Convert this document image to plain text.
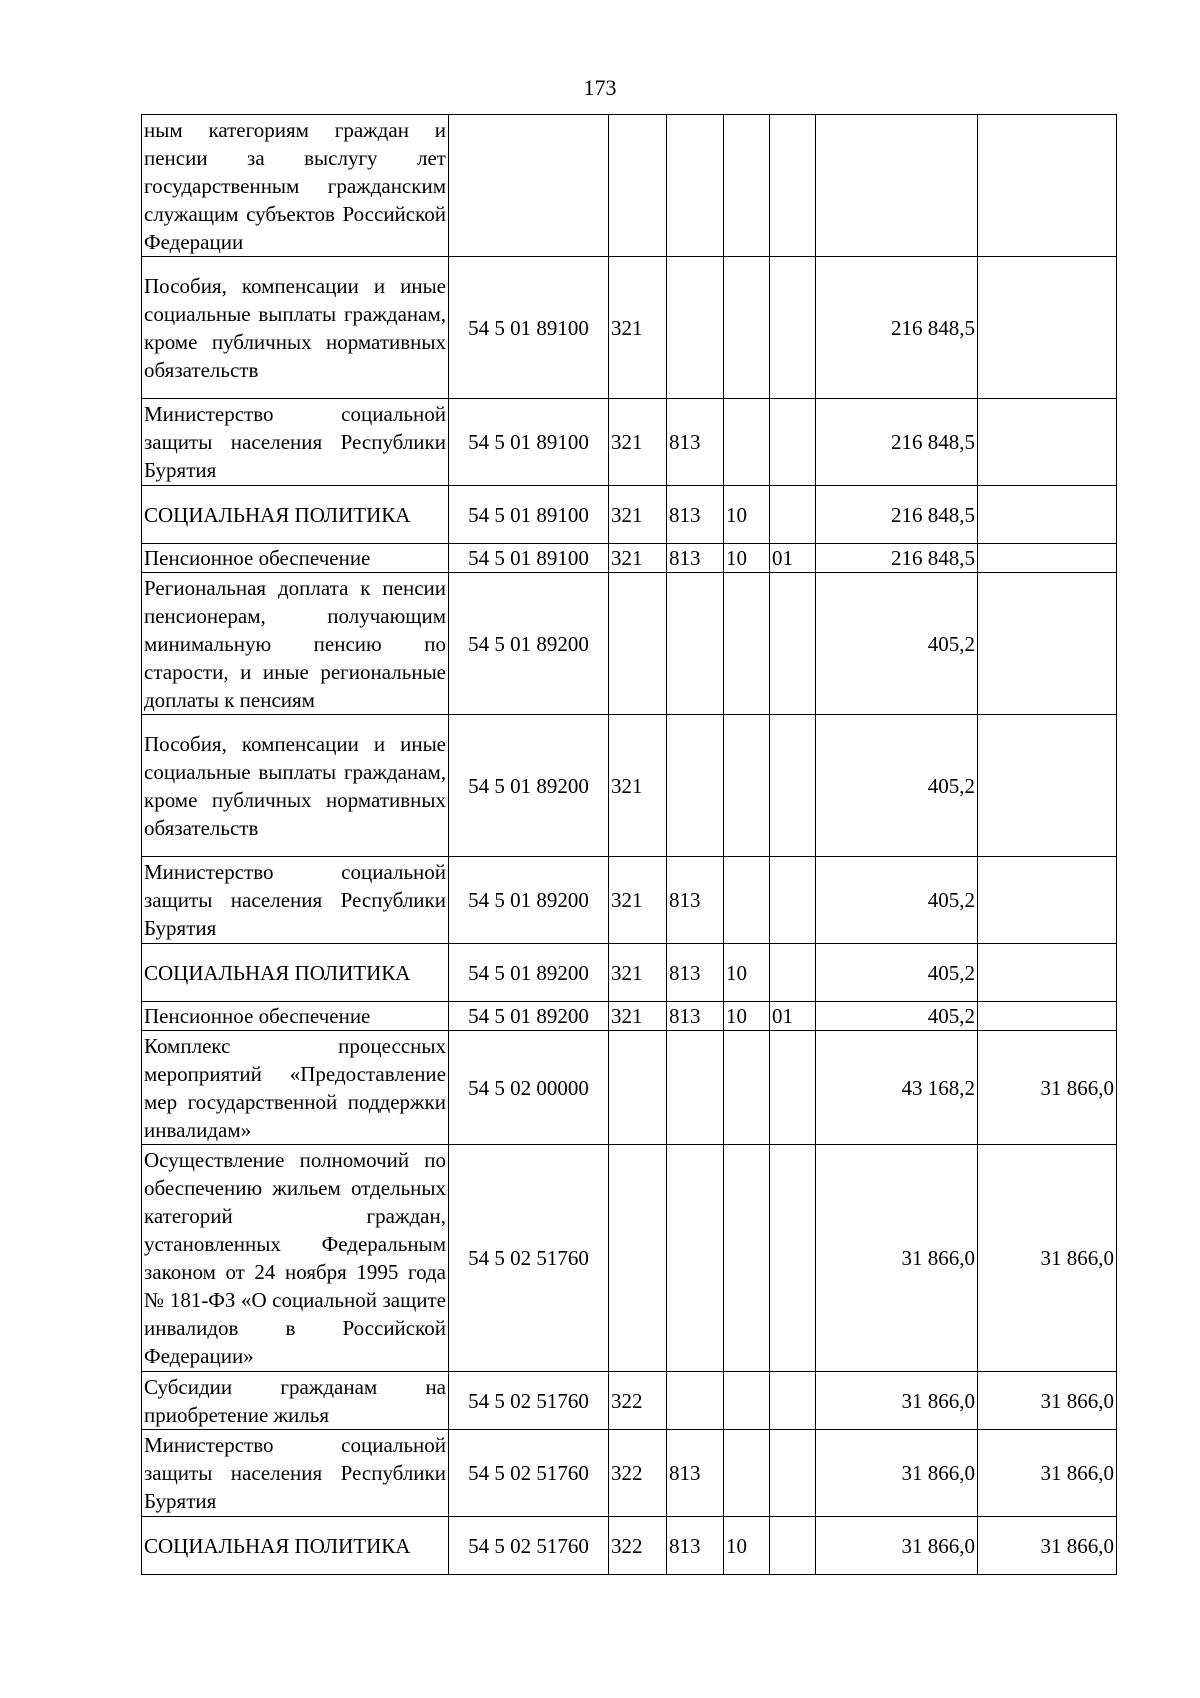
173
ным категориям граждан и пенсии за выслугу лет государственным гражданским служащим субъектов Российской Федерации							
Пособия, компенсации и иные социальные выплаты гражданам, кроме публичных нормативных обязательств	54 5 01 89100	321				216 848,5	
Министерство социальной защиты населения Республики Бурятия	54 5 01 89100	321	813			216 848,5	
СОЦИАЛЬНАЯ ПОЛИТИКА	54 5 01 89100	321	813	10		216 848,5	
Пенсионное обеспечение	54 5 01 89100	321	813	10	01	216 848,5	
Региональная доплата к пенсии пенсионерам, получающим минимальную пенсию по старости, и иные региональные доплаты к пенсиям	54 5 01 89200					405,2	
Пособия, компенсации и иные социальные выплаты гражданам, кроме публичных нормативных обязательств	54 5 01 89200	321				405,2	
Министерство социальной защиты населения Республики Бурятия	54 5 01 89200	321	813			405,2	
СОЦИАЛЬНАЯ ПОЛИТИКА	54 5 01 89200	321	813	10		405,2	
Пенсионное обеспечение	54 5 01 89200	321	813	10	01	405,2	
Комплекс процессных мероприятий «Предоставление мер государственной поддержки инвалидам»	54 5 02 00000					43 168,2	31 866,0
Осуществление полномочий по обеспечению жильем отдельных категорий граждан, установленных Федеральным законом от 24 ноября 1995 года № 181-ФЗ «О социальной защите инвалидов в Российской Федерации»	54 5 02 51760					31 866,0	31 866,0
Субсидии гражданам на приобретение жилья	54 5 02 51760	322				31 866,0	31 866,0
Министерство социальной защиты населения Республики Бурятия	54 5 02 51760	322	813			31 866,0	31 866,0
СОЦИАЛЬНАЯ ПОЛИТИКА	54 5 02 51760	322	813	10		31 866,0	31 866,0
